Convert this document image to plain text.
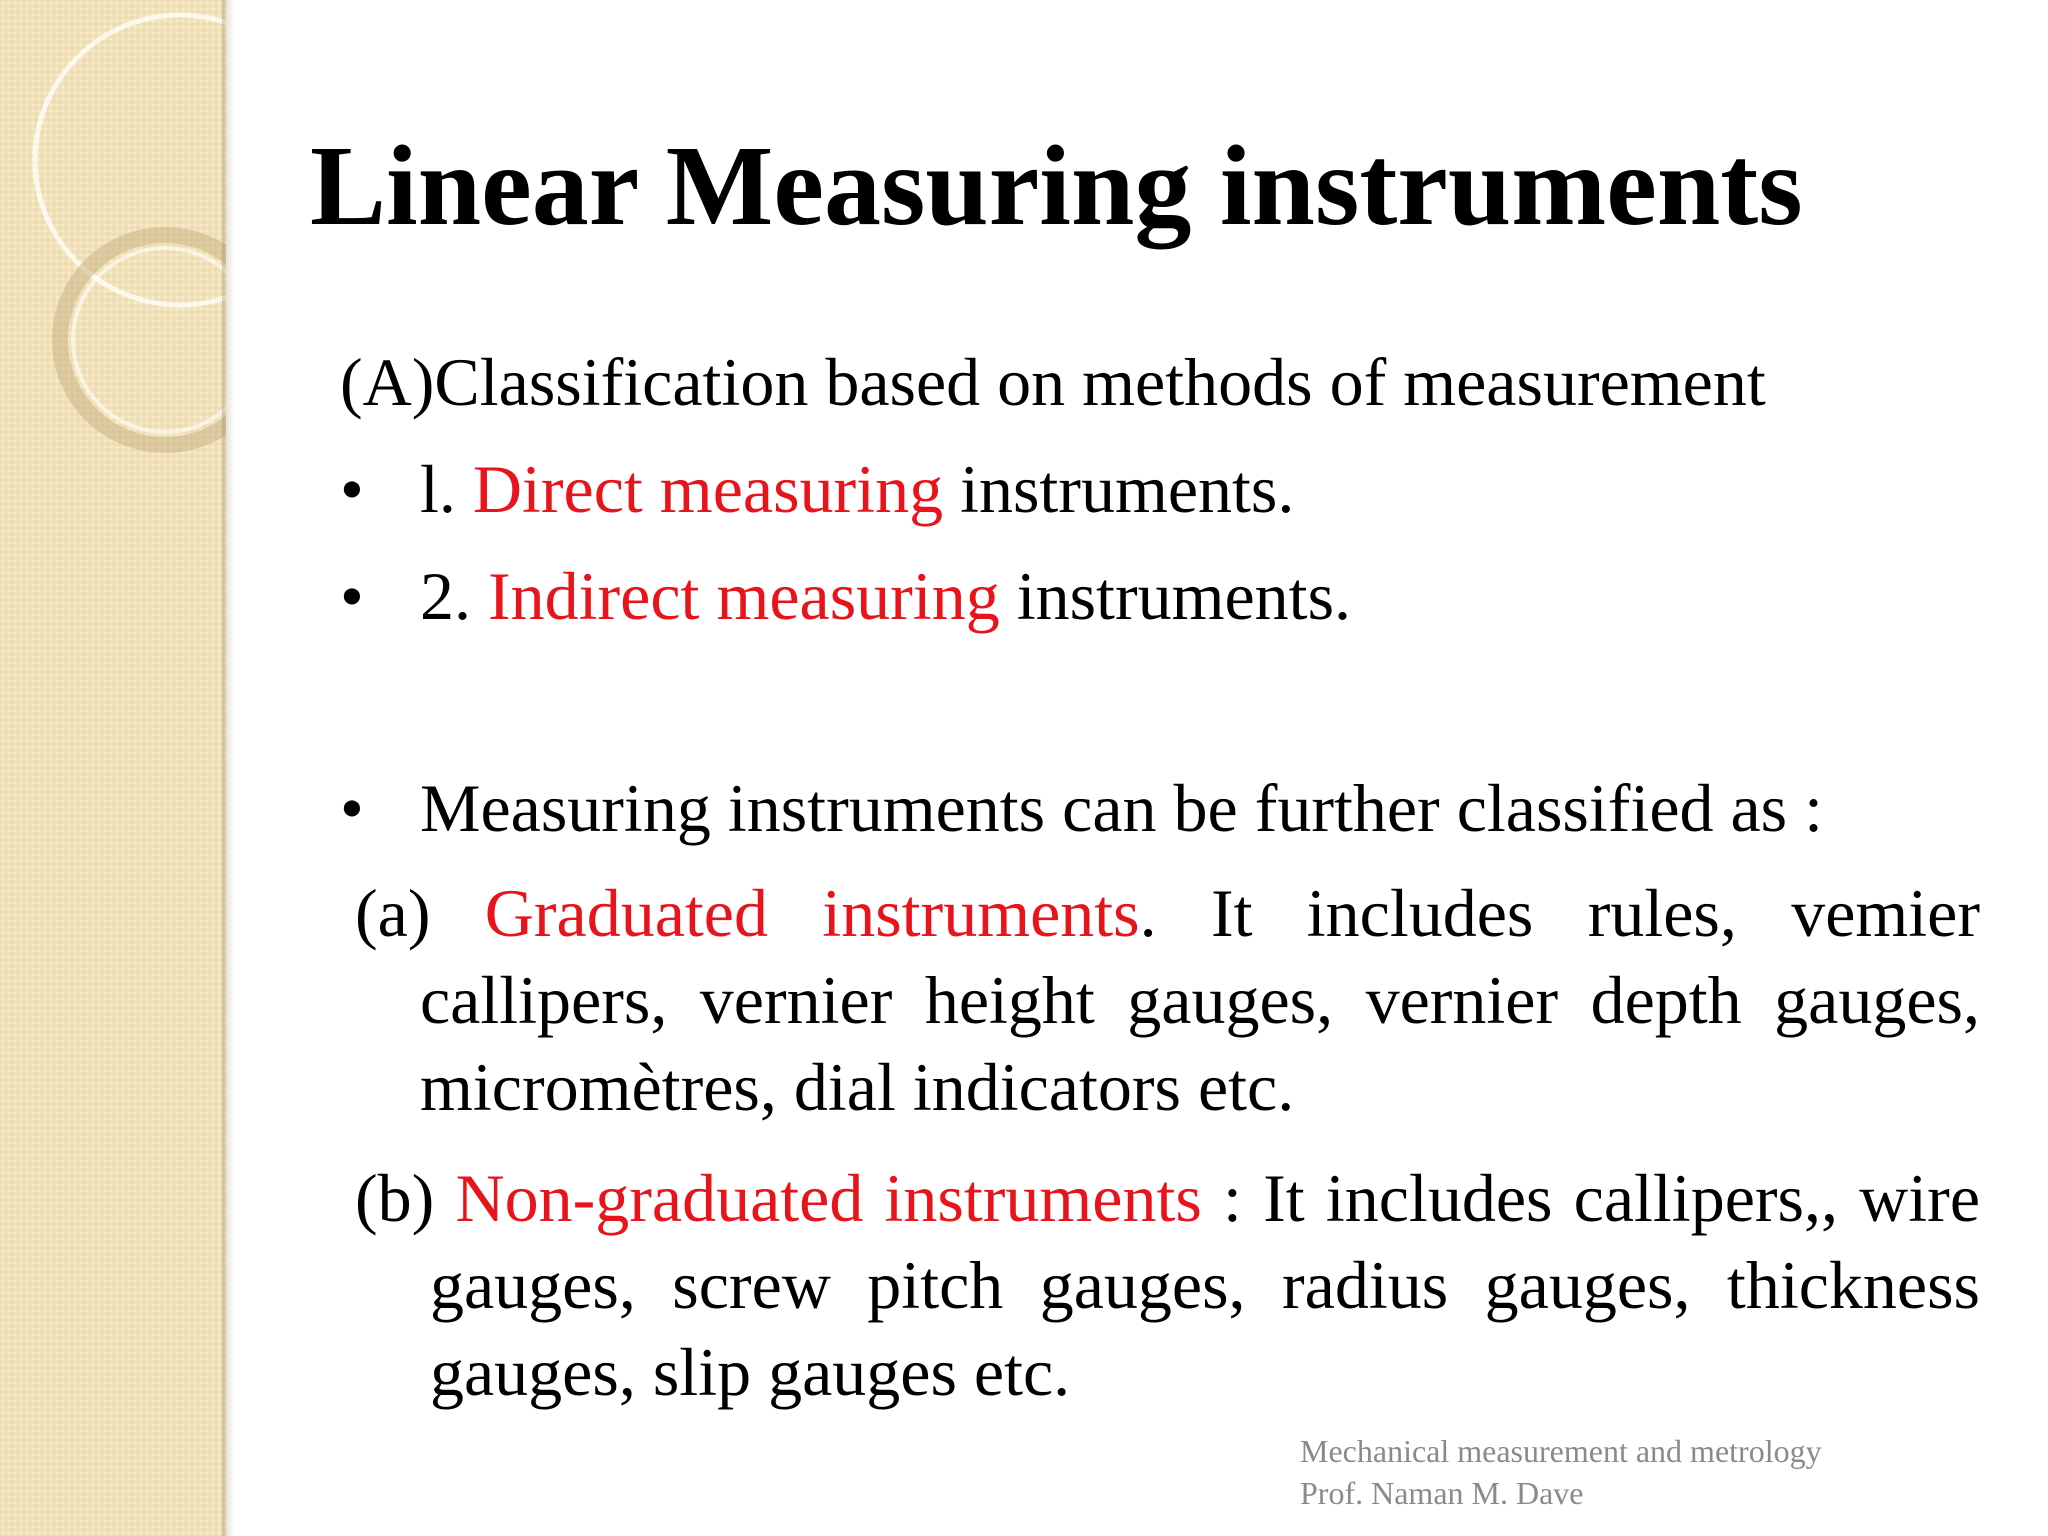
Linear Measuring instruments
(A)Classification based on methods of measurement
• l. Direct measuring instruments.
• 2. Indirect measuring instruments.
• Measuring instruments can be further classified as :
(a) Graduated instruments. It includes rules, vemier callipers, vernier height gauges, vernier depth gauges, micromètres, dial indicators etc.
(b) Non-graduated instruments : It includes callipers,, wire gauges, screw pitch gauges, radius gauges, thickness gauges, slip gauges etc.
Mechanical measurement and metrology
Prof. Naman M. Dave
